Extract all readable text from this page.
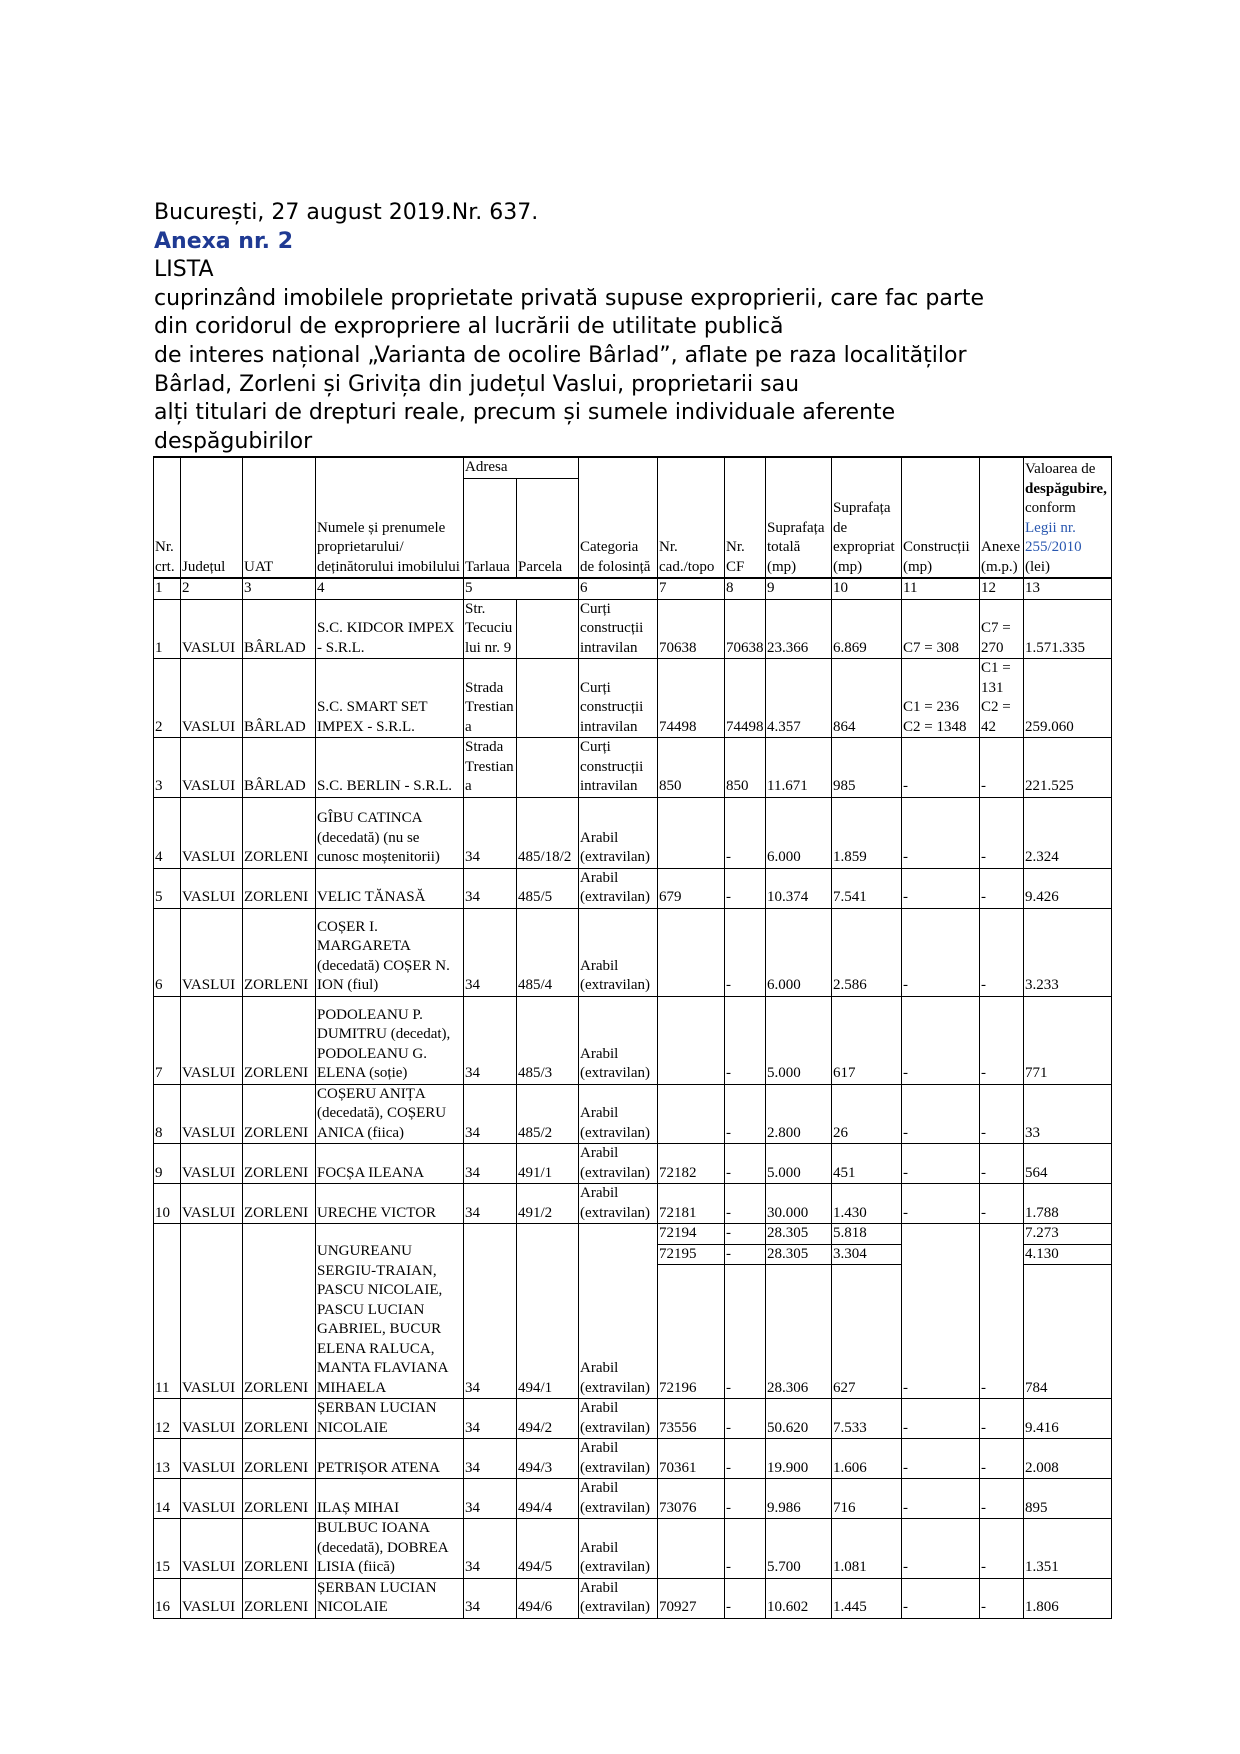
București, 27 august 2019.Nr. 637.

Anexa nr. 2

LISTA

cuprinzând imobilele proprietate privată supuse exproprierii, care fac parte

din coridorul de expropriere al lucrării de utilitate publică

de interes național „Varianta de ocolire Bârlad”, aflate pe raza localităților

Bârlad, Zorleni și Grivița din județul Vaslui, proprietarii sau

alți titulari de drepturi reale, precum și sumele individuale aferente

despăgubirilor

Nr. crt.	Județul	UAT	Numele și prenumele proprietarului/ deținătorului imobilului	Adresa		Categoria de folosință	Nr. cad./topo	Nr. CF	Suprafața totală (mp)	Suprafața de expropriat (mp)	Construcții (mp)	Anexe (m.p.)	Valoarea de despăgubire, conform Legii nr. 255/2010 (lei)
				Tarlaua	Parcela								
1	2	3	4	5		6	7	8	9	10	11	12	13
1	VASLUI	BÂRLAD	S.C. KIDCOR IMPEX - S.R.L.	Str. Tecuciului nr. 9		Curți construcții intravilan	70638	70638	23.366	6.869	C7 = 308	C7 = 270	1.571.335
2	VASLUI	BÂRLAD	S.C. SMART SET IMPEX - S.R.L.	Strada Trestiana		Curți construcții intravilan	74498	74498	4.357	864	C1 = 236 C2 = 1348	C1 = 131 C2 = 42	259.060
3	VASLUI	BÂRLAD	S.C. BERLIN - S.R.L.	Strada Trestiana		Curți construcții intravilan	850	850	11.671	985	-	-	221.525
4	VASLUI	ZORLENI	GÎBU CATINCA (decedată) (nu se cunosc moștenitorii)	34	485/18/2	Arabil (extravilan)		-	6.000	1.859	-	-	2.324
5	VASLUI	ZORLENI	VELIC TĂNASĂ	34	485/5	Arabil (extravilan)	679	-	10.374	7.541	-	-	9.426
6	VASLUI	ZORLENI	COȘER I. MARGARETA (decedată) COȘER N. ION (fiul)	34	485/4	Arabil (extravilan)		-	6.000	2.586	-	-	3.233
7	VASLUI	ZORLENI	PODOLEANU P. DUMITRU (decedat), PODOLEANU G. ELENA (soție)	34	485/3	Arabil (extravilan)		-	5.000	617	-	-	771
8	VASLUI	ZORLENI	COȘERU ANIȚA (decedată), COȘERU ANICA (fiica)	34	485/2	Arabil (extravilan)		-	2.800	26	-	-	33
9	VASLUI	ZORLENI	FOCȘA ILEANA	34	491/1	Arabil (extravilan)	72182	-	5.000	451	-	-	564
10	VASLUI	ZORLENI	URECHE VICTOR	34	491/2	Arabil (extravilan)	72181	-	30.000	1.430	-	-	1.788
11	VASLUI	ZORLENI	UNGUREANU SERGIU-TRAIAN, PASCU NICOLAIE, PASCU LUCIAN GABRIEL, BUCUR ELENA RALUCA, MANTA FLAVIANA MIHAELA	34	494/1	Arabil (extravilan)	72194	-	28.305	5.818	-	-	7.273
							72195	-	28.305	3.304			4.130
							72196	-	28.306	627			784
12	VASLUI	ZORLENI	ȘERBAN LUCIAN NICOLAIE	34	494/2	Arabil (extravilan)	73556	-	50.620	7.533	-	-	9.416
13	VASLUI	ZORLENI	PETRIȘOR ATENA	34	494/3	Arabil (extravilan)	70361	-	19.900	1.606	-	-	2.008
14	VASLUI	ZORLENI	ILAȘ MIHAI	34	494/4	Arabil (extravilan)	73076	-	9.986	716	-	-	895
15	VASLUI	ZORLENI	BULBUC IOANA (decedată), DOBREA LISIA (fiică)	34	494/5	Arabil (extravilan)		-	5.700	1.081	-	-	1.351
16	VASLUI	ZORLENI	ȘERBAN LUCIAN NICOLAIE	34	494/6	Arabil (extravilan)	70927	-	10.602	1.445	-	-	1.806
